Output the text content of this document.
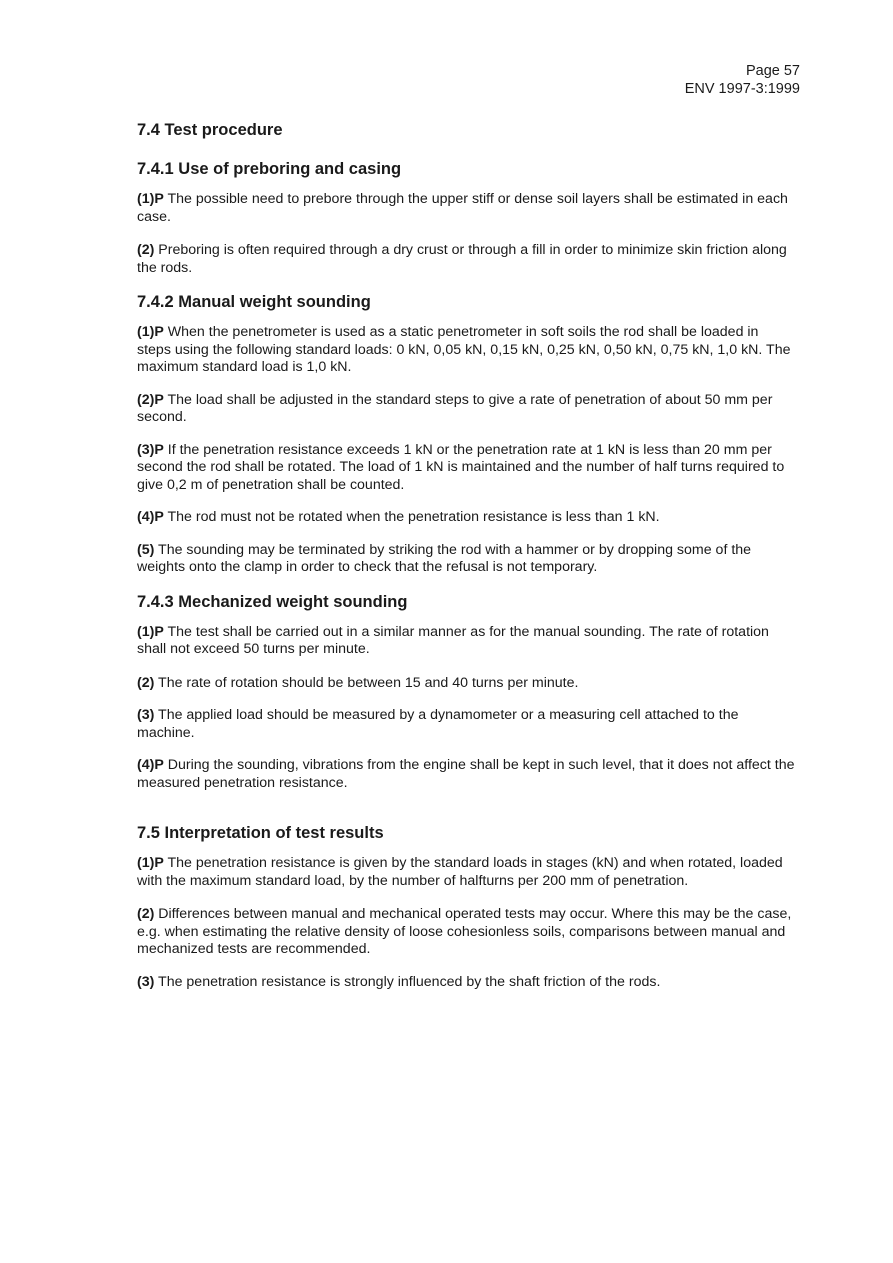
Page 57
ENV 1997-3:1999
7.4 Test procedure
7.4.1 Use of preboring and casing

(1)P The possible need to prebore through the upper stiff or dense soil layers shall be estimated in each case.

(2) Preboring is often required through a dry crust or through a fill in order to minimize skin friction along the rods.

7.4.2 Manual weight sounding

(1)P When the penetrometer is used as a static penetrometer in soft soils the rod shall be loaded in steps using the following standard loads: 0 kN, 0,05 kN, 0,15 kN, 0,25 kN, 0,50 kN, 0,75 kN, 1,0 kN. The maximum standard load is 1,0 kN.

(2)P The load shall be adjusted in the standard steps to give a rate of penetration of about 50 mm per second.

(3)P If the penetration resistance exceeds 1 kN or the penetration rate at 1 kN is less than 20 mm per second the rod shall be rotated. The load of 1 kN is maintained and the number of half turns required to give 0,2 m of penetration shall be counted.

(4)P The rod must not be rotated when the penetration resistance is less than 1 kN.

(5) The sounding may be terminated by striking the rod with a hammer or by dropping some of the weights onto the clamp in order to check that the refusal is not temporary.

7.4.3 Mechanized weight sounding

(1)P The test shall be carried out in a similar manner as for the manual sounding. The rate of rotation shall not exceed 50 turns per minute.

(2) The rate of rotation should be between 15 and 40 turns per minute.

(3) The applied load should be measured by a dynamometer or a measuring cell attached to the machine.

(4)P During the sounding, vibrations from the engine shall be kept in such level, that it does not affect the measured penetration resistance.

7.5 Interpretation of test results

(1)P The penetration resistance is given by the standard loads in stages (kN) and when rotated, loaded with the maximum standard load, by the number of halfturns per 200 mm of penetration.

(2) Differences between manual and mechanical operated tests may occur. Where this may be the case, e.g. when estimating the relative density of loose cohesionless soils, comparisons between manual and mechanized tests are recommended.

(3) The penetration resistance is strongly influenced by the shaft friction of the rods.
